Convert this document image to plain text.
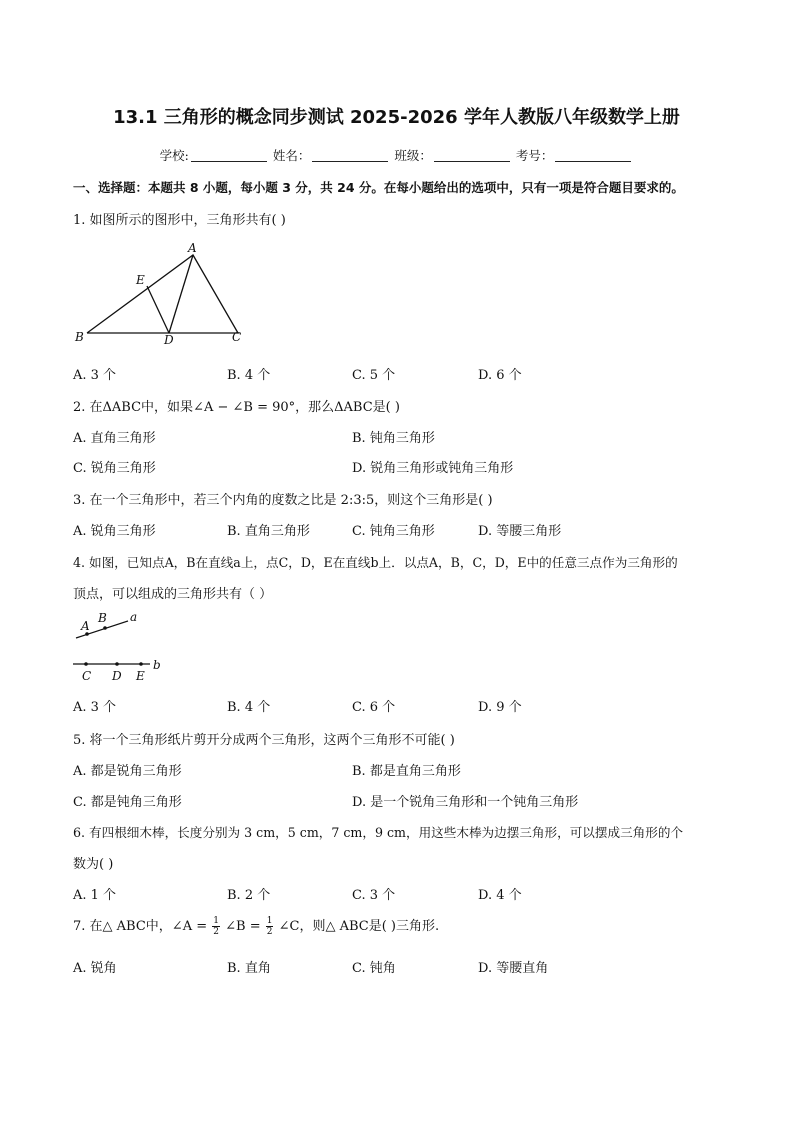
13.1 三角形的概念同步测试 2025-2026 学年人教版八年级数学上册
学校:	姓名：	班级：	考号：
一、选择题：本题共 8 小题，每小题 3 分，共 24 分。在每小题给出的选项中，只有一项是符合题目要求的。
1. 如图所示的图形中，三角形共有( )
A
E
B	D	C
A. 3 个	B. 4 个	C. 5 个	D. 6 个
2. 在ΔABC中，如果∠A − ∠B = 90°，那么ΔABC是( )
A. 直角三角形	B. 钝角三角形
C. 锐角三角形	D. 锐角三角形或钝角三角形
3. 在一个三角形中，若三个内角的度数之比是 2:3:5，则这个三角形是( )
A. 锐角三角形	B. 直角三角形	C. 钝角三角形	D. 等腰三角形
4. 如图，已知点A，B在直线a上，点C，D，E在直线b上．以点A，B，C，D，E中的任意三点作为三角形的
顶点，可以组成的三角形共有（ ）
A
B a
C D E
b
A. 3 个	B. 4 个	C. 6 个	D. 9 个
5. 将一个三角形纸片剪开分成两个三角形，这两个三角形不可能( )
A. 都是锐角三角形	B. 都是直角三角形
C. 都是钝角三角形	D. 是一个锐角三角形和一个钝角三角形
6. 有四根细木棒，长度分别为 3 cm，5 cm，7 cm，9 cm，用这些木棒为边摆三角形，可以摆成三角形的个
数为( )
A. 1 个	B. 2 个	C. 3 个	D. 4 个
7. 在△ ABC中，∠A = $\frac{1}{2}$ ∠B = $\frac{1}{2}$ ∠C，则△ ABC是( )三角形.
A. 锐角	B. 直角	C. 钝角	D. 等腰直角
